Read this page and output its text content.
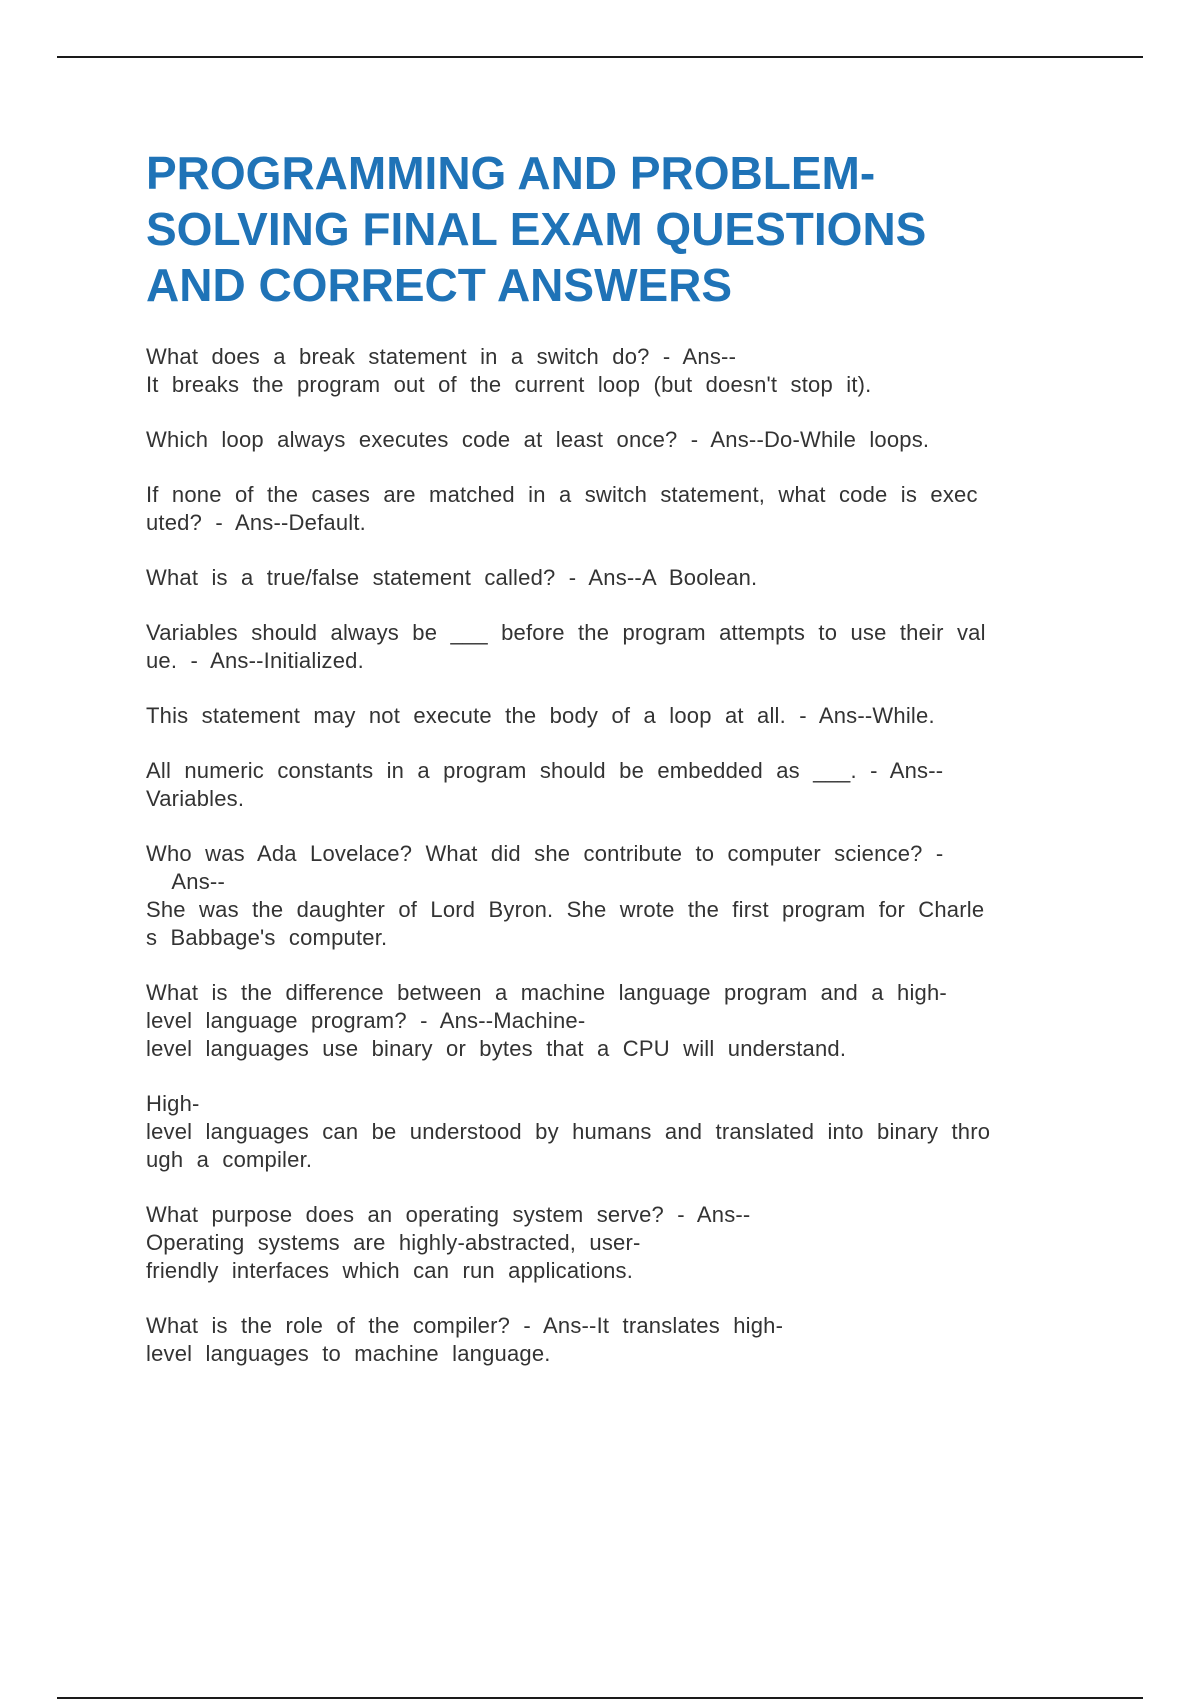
PROGRAMMING AND PROBLEM-
SOLVING FINAL EXAM QUESTIONS
AND CORRECT ANSWERS
What does a break statement in a switch do? - Ans--
It breaks the program out of the current loop (but doesn't stop it).
Which loop always executes code at least once? - Ans--Do-While loops.
If none of the cases are matched in a switch statement, what code is exec
uted? - Ans--Default.
What is a true/false statement called? - Ans--A Boolean.
Variables should always be ___ before the program attempts to use their val
ue. - Ans--Initialized.
This statement may not execute the body of a loop at all. - Ans--While.
All numeric constants in a program should be embedded as ___. - Ans--
Variables.
Who was Ada Lovelace? What did she contribute to computer science? -
Ans--
She was the daughter of Lord Byron. She wrote the first program for Charle
s Babbage's computer.
What is the difference between a machine language program and a high-
level language program? - Ans--Machine-
level languages use binary or bytes that a CPU will understand.
High-
level languages can be understood by humans and translated into binary thro
ugh a compiler.
What purpose does an operating system serve? - Ans--
Operating systems are highly-abstracted, user-
friendly interfaces which can run applications.
What is the role of the compiler? - Ans--It translates high-
level languages to machine language.
